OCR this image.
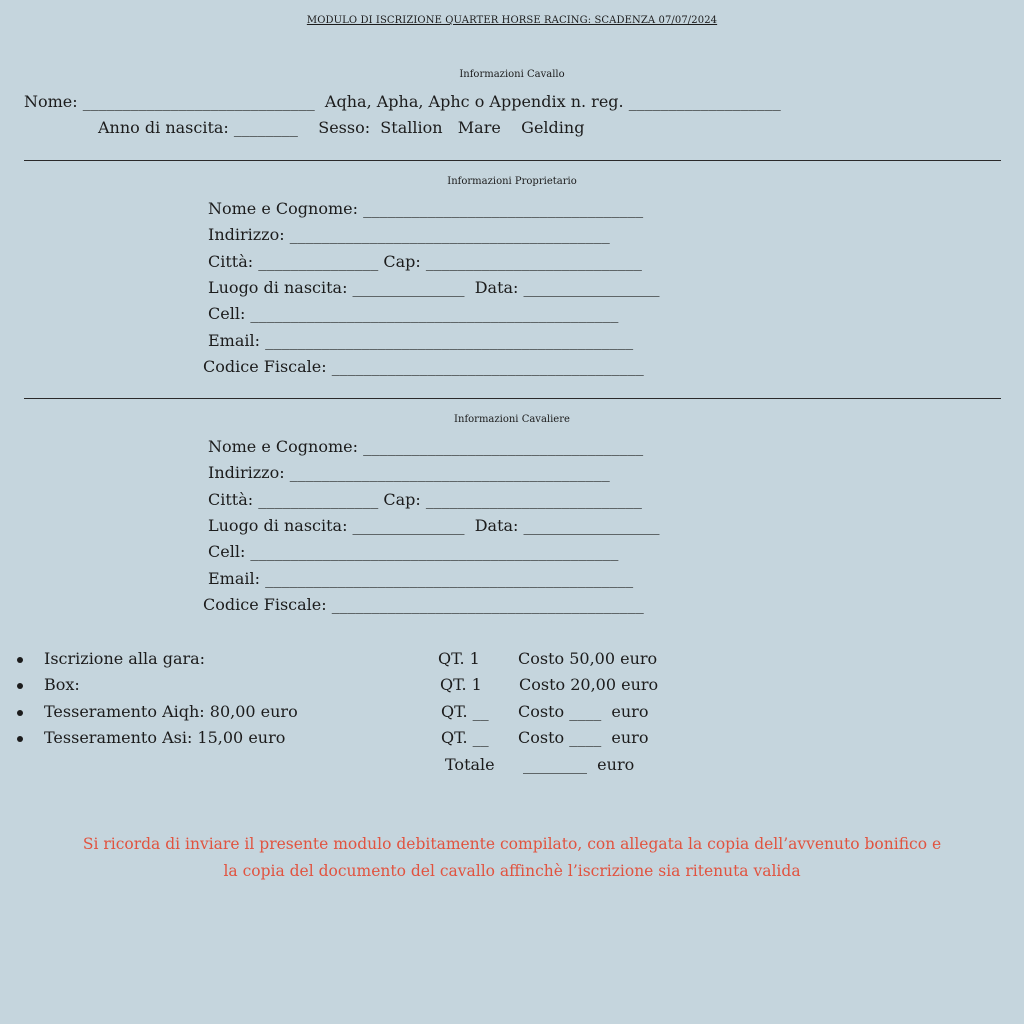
MODULO DI ISCRIZIONE QUARTER HORSE RACING: SCADENZA 07/07/2024
Informazioni Cavallo
Nome: _____________________________  Aqha, Apha, Aphc o Appendix n. reg. ___________________
Anno di nascita: ________    Sesso:  Stallion   Mare    Gelding
Informazioni Proprietario
Nome e Cognome: ___________________________________
Indirizzo: ________________________________________
Città: _______________ Cap: ___________________________
Luogo di nascita: ______________  Data: _________________
Cell: ______________________________________________
Email: ______________________________________________
Codice Fiscale: _______________________________________
Informazioni Cavaliere
Nome e Cognome: ___________________________________
Indirizzo: ________________________________________
Città: _______________ Cap: ___________________________
Luogo di nascita: ______________  Data: _________________
Cell: ______________________________________________
Email: ______________________________________________
Codice Fiscale: _______________________________________
Iscrizione alla gara:	QT. 1 Costo 50,00 euro
Box:	QT. 1 Costo 20,00 euro
Tesseramento Aiqh: 80,00 euro	QT. __ Costo ____  euro
Tesseramento Asi: 15,00 euro	QT. __ Costo ____  euro
Totale ________  euro
Si ricorda di inviare il presente modulo debitamente compilato, con allegata la copia dell’avvenuto bonifico e
la copia del documento del cavallo affinchè l’iscrizione sia ritenuta valida
